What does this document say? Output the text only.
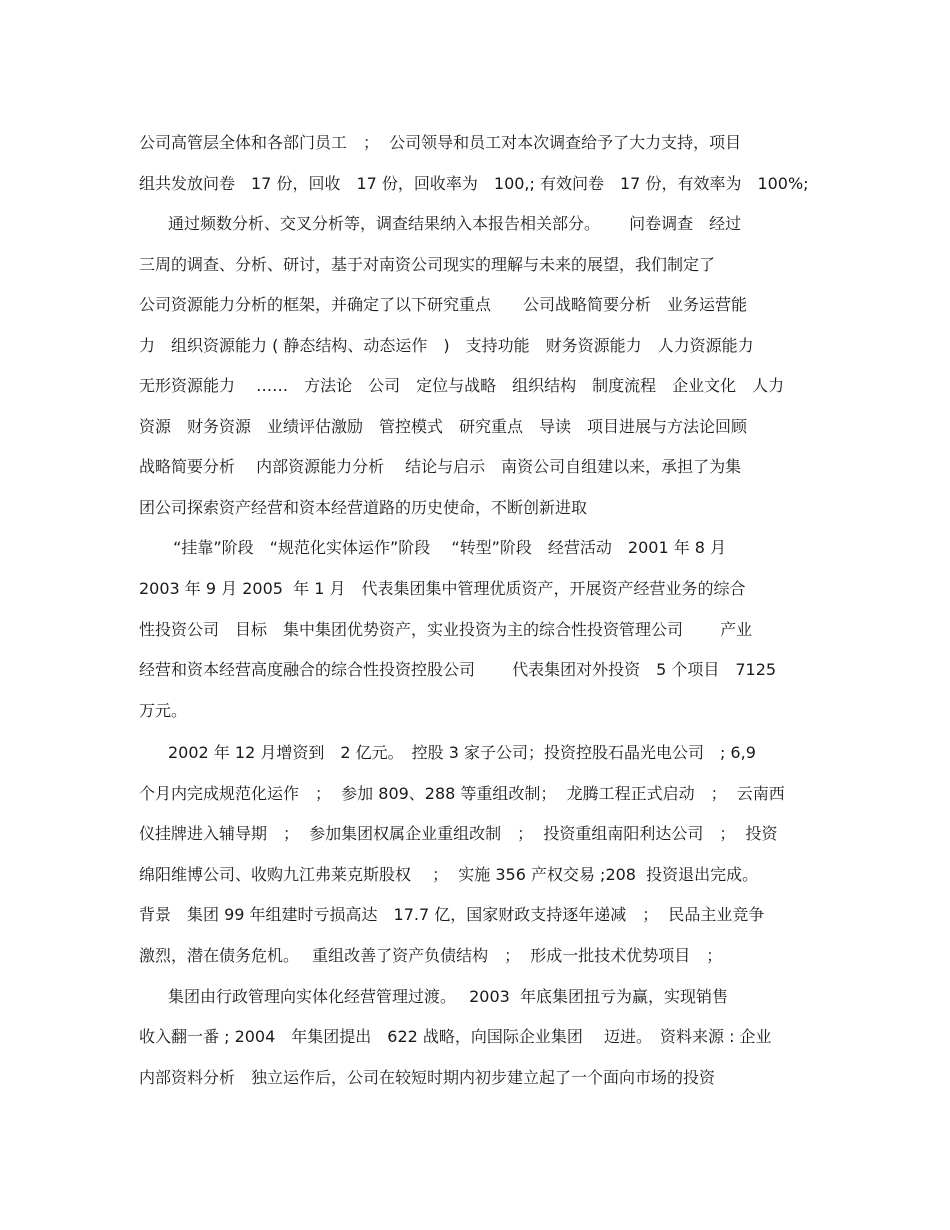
公司高管层全体和各部门员工　；  公司领导和员工对本次调查给予了大力支持，项目
组共发放问卷　17 份，回收　17 份，回收率为　100,; 有效问卷　17 份，有效率为　100%;
通过频数分析、交叉分析等，调查结果纳入本报告相关部分。　　 问卷调查　经过
三周的调查、分析、研讨，基于对南资公司现实的理解与未来的展望，我们制定了
公司资源能力分析的框架，并确定了以下研究重点　　公司战略简要分析　业务运营能
力　组织资源能力 ( 静态结构、动态运作　)　支持功能　财务资源能力　人力资源能力
无形资源能力　 ……　方法论　公司　定位与战略　组织结构　制度流程　企业文化　人力
资源　财务资源　业绩评估激励　管控模式　研究重点　导读　项目进展与方法论回顾
战略简要分析　 内部资源能力分析　 结论与启示　南资公司自组建以来，承担了为集
团公司探索资产经营和资本经营道路的历史使命，不断创新进取
“挂靠”阶段　“规范化实体运作”阶段　 “转型”阶段　经营活动　2001 年 8 月
2003 年 9 月 2005  年 1 月　代表集团集中管理优质资产，开展资产经营业务的综合
性投资公司　目标　集中集团优势资产，实业投资为主的综合性投资管理公司　　 产业
经营和资本经营高度融合的综合性投资控股公司　　 代表集团对外投资　5 个项目　7125
万元。
2002 年 12 月增资到　2 亿元。　控股 3 家子公司；投资控股石晶光电公司　; 6,9
个月内完成规范化运作　；  参加 809、288 等重组改制；  龙腾工程正式启动　；  云南西
仪挂牌进入辅导期　；  参加集团权属企业重组改制　；  投资重组南阳利达公司　；  投资
绵阳维博公司、收购九江弗莱克斯股权　 ；  实施 356 产权交易 ;208  投资退出完成。
背景　集团 99 年组建时亏损高达　17.7 亿，国家财政支持逐年递减　；  民品主业竞争
激烈，潜在债务危机。　 重组改善了资产负债结构　；  形成一批技术优势项目　；
集团由行政管理向实体化经营管理过渡。　 2003  年底集团扭亏为赢，实现销售
收入翻一番 ; 2004　年集团提出　622 战略，向国际企业集团　 迈进。　资料来源 : 企业
内部资料分析　独立运作后，公司在较短时期内初步建立起了一个面向市场的投资
